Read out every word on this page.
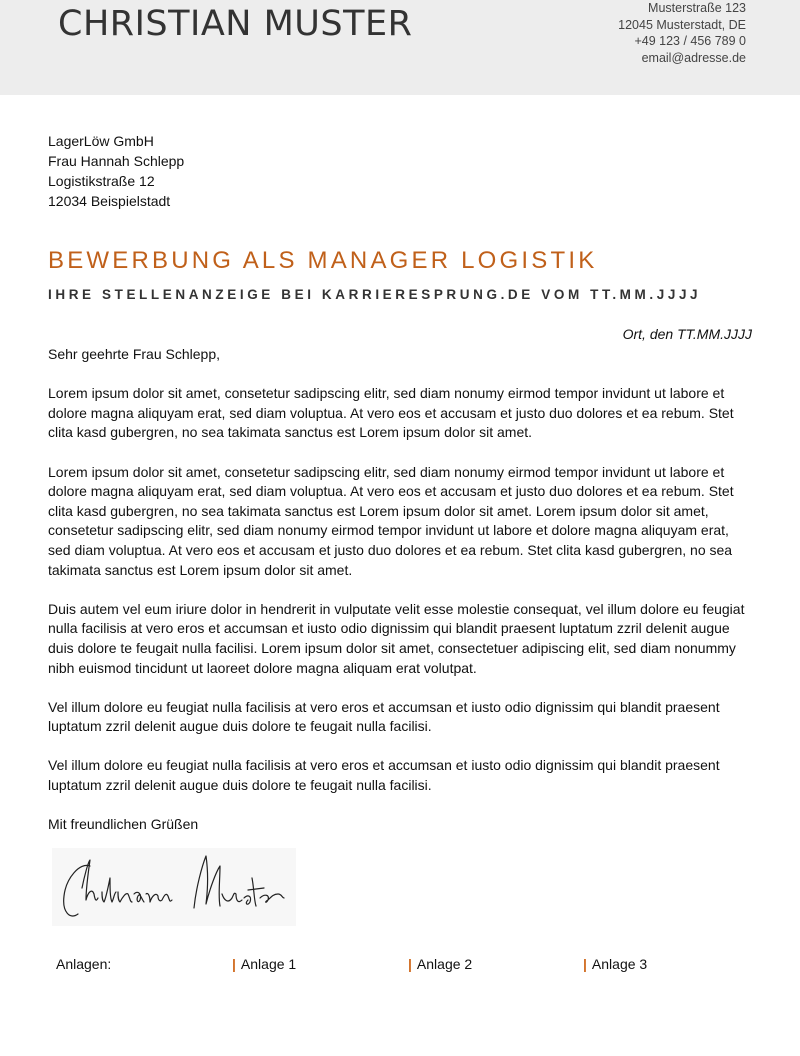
CHRISTIAN MUSTER	Musterstraße 123
12045 Musterstadt, DE
+49 123 / 456 789 0
email@adresse.de
LagerLöw GmbH
Frau Hannah Schlepp
Logistikstraße 12
12034 Beispielstadt
BEWERBUNG ALS MANAGER LOGISTIK
IHRE STELLENANZEIGE BEI KARRIERESPRUNG.DE VOM TT.MM.JJJJ
Ort, den TT.MM.JJJJ

Sehr geehrte Frau Schlepp,

Lorem ipsum dolor sit amet, consetetur sadipscing elitr, sed diam nonumy eirmod tempor invidunt ut labore et dolore magna aliquyam erat, sed diam voluptua. At vero eos et accusam et justo duo dolores et ea rebum. Stet clita kasd gubergren, no sea takimata sanctus est Lorem ipsum dolor sit amet.

Lorem ipsum dolor sit amet, consetetur sadipscing elitr, sed diam nonumy eirmod tempor invidunt ut labore et dolore magna aliquyam erat, sed diam voluptua. At vero eos et accusam et justo duo dolores et ea rebum. Stet clita kasd gubergren, no sea takimata sanctus est Lorem ipsum dolor sit amet. Lorem ipsum dolor sit amet, consetetur sadipscing elitr, sed diam nonumy eirmod tempor invidunt ut labore et dolore magna aliquyam erat, sed diam voluptua. At vero eos et accusam et justo duo dolores et ea rebum. Stet clita kasd gubergren, no sea takimata sanctus est Lorem ipsum dolor sit amet.

Duis autem vel eum iriure dolor in hendrerit in vulputate velit esse molestie consequat, vel illum dolore eu feugiat nulla facilisis at vero eros et accumsan et iusto odio dignissim qui blandit praesent luptatum zzril delenit augue duis dolore te feugait nulla facilisi. Lorem ipsum dolor sit amet, consectetuer adipiscing elit, sed diam nonummy nibh euismod tincidunt ut laoreet dolore magna aliquam erat volutpat.

Vel illum dolore eu feugiat nulla facilisis at vero eros et accumsan et iusto odio dignissim qui blandit praesent luptatum zzril delenit augue duis dolore te feugait nulla facilisi.

Vel illum dolore eu feugiat nulla facilisis at vero eros et accumsan et iusto odio dignissim qui blandit praesent luptatum zzril delenit augue duis dolore te feugait nulla facilisi.

Mit freundlichen Grüßen

Anlagen:	| Anlage 1	| Anlage 2	| Anlage 3
